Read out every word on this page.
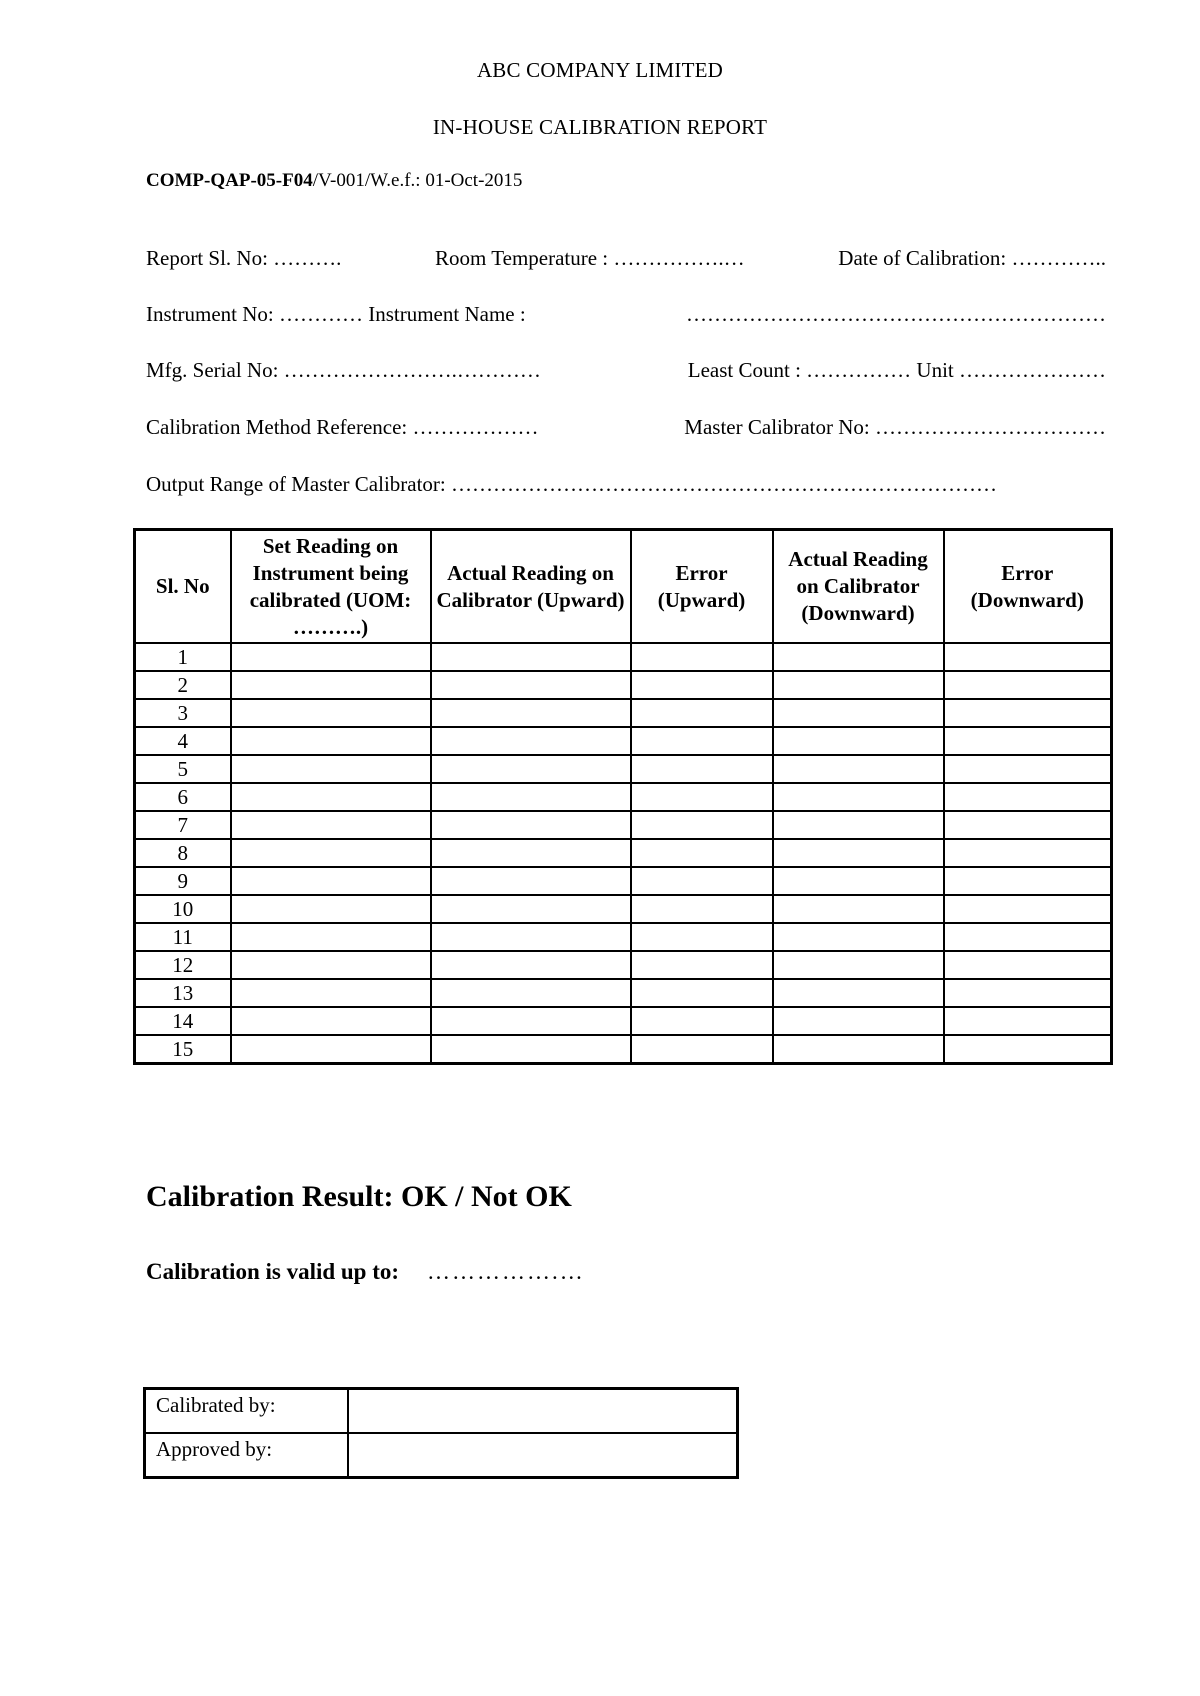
ABC COMPANY LIMITED
IN-HOUSE CALIBRATION REPORT
COMP-QAP-05-F04/V-001/W.e.f.: 01-Oct-2015
Report Sl. No: ……….	Room Temperature : …………….…	Date of Calibration: …………..
Instrument No: ………… Instrument Name :	……………………………………………………
Mfg. Serial No: …………………….…………	Least Count : …………… Unit …………………
Calibration Method Reference: ………………	Master Calibrator No: ……………………………
Output Range of Master Calibrator: ……………………………………………………………………
Sl. No	Set Reading on Instrument being calibrated (UOM: ……….)	Actual Reading on Calibrator (Upward)	Error (Upward)	Actual Reading on Calibrator (Downward)	Error (Downward)
1					
2					
3					
4					
5					
6					
7					
8					
9					
10					
11					
12					
13					
14					
15					
Calibration Result: OK / Not OK
Calibration is valid up to: …………….…
Calibrated by:	
Approved by:	
